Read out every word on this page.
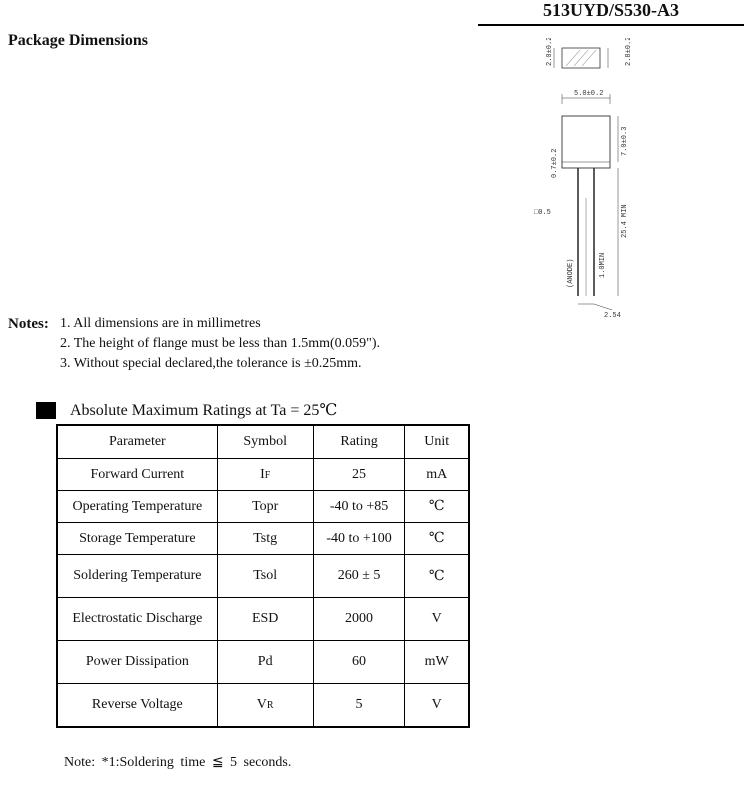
513UYD/S530-A3
Package Dimensions	2.0±0.2	2.8±0.2
5.0±0.2
7.0±0.3
0.7±0.2
□0.5	25.4 MIN
1.0MIN
(ANODE)
2.54
Notes: 1. All dimensions are in millimetres
2. The height of flange must be less than 1.5mm(0.059").
3. Without special declared,the tolerance is ±0.25mm.
Absolute Maximum Ratings at Ta = 25℃
Parameter	Symbol	Rating	Unit
Forward Current	IF	25	mA
Operating Temperature	Topr	-40 to +85	℃
Storage Temperature	Tstg	-40 to +100	℃
Soldering Temperature	Tsol	260 ± 5	℃
Electrostatic Discharge	ESD	2000	V
Power Dissipation	Pd	60	mW
Reverse Voltage	VR	5	V
Note: *1:Soldering time ≦ 5 seconds.
